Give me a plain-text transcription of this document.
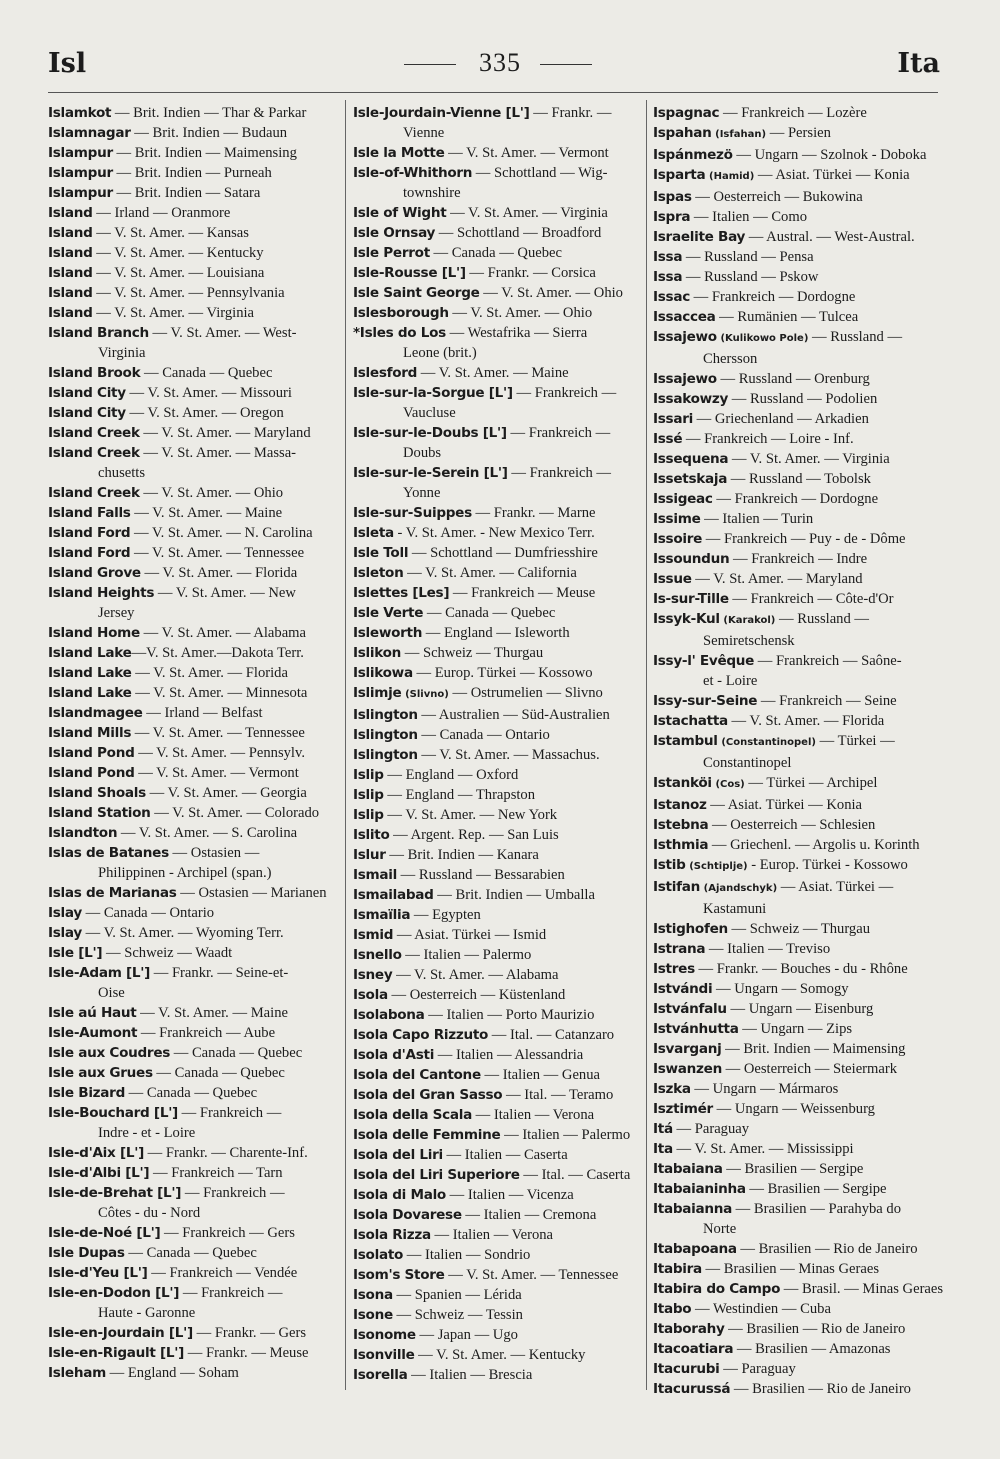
Isl	335	Ita
Islamkot — Brit. Indien — Thar & Parkar
Islamnagar — Brit. Indien — Budaun
Islampur — Brit. Indien — Maimensing
Islampur — Brit. Indien — Purneah
Islampur — Brit. Indien — Satara
Island — Irland — Oranmore
Island — V. St. Amer. — Kansas
Island — V. St. Amer. — Kentucky
Island — V. St. Amer. — Louisiana
Island — V. St. Amer. — Pennsylvania
Island — V. St. Amer. — Virginia
Island Branch — V. St. Amer. — West-
Virginia
Island Brook — Canada — Quebec
Island City — V. St. Amer. — Missouri
Island City — V. St. Amer. — Oregon
Island Creek — V. St. Amer. — Maryland
Island Creek — V. St. Amer. — Massa-
chusetts
Island Creek — V. St. Amer. — Ohio
Island Falls — V. St. Amer. — Maine
Island Ford — V. St. Amer. — N. Carolina
Island Ford — V. St. Amer. — Tennessee
Island Grove — V. St. Amer. — Florida
Island Heights — V. St. Amer. — New
Jersey
Island Home — V. St. Amer. — Alabama
Island Lake—V. St. Amer.—Dakota Terr.
Island Lake — V. St. Amer. — Florida
Island Lake — V. St. Amer. — Minnesota
Islandmagee — Irland — Belfast
Island Mills — V. St. Amer. — Tennessee
Island Pond — V. St. Amer. — Pennsylv.
Island Pond — V. St. Amer. — Vermont
Island Shoals — V. St. Amer. — Georgia
Island Station — V. St. Amer. — Colorado
Islandton — V. St. Amer. — S. Carolina
Islas de Batanes — Ostasien —
Philippinen - Archipel (span.)
Islas de Marianas — Ostasien — Marianen
Islay — Canada — Ontario
Islay — V. St. Amer. — Wyoming Terr.
Isle [L'] — Schweiz — Waadt
Isle-Adam [L'] — Frankr. — Seine-et-
Oise
Isle aú Haut — V. St. Amer. — Maine
Isle-Aumont — Frankreich — Aube
Isle aux Coudres — Canada — Quebec
Isle aux Grues — Canada — Quebec
Isle Bizard — Canada — Quebec
Isle-Bouchard [L'] — Frankreich —
Indre - et - Loire
Isle-d'Aix [L'] — Frankr. — Charente-Inf.
Isle-d'Albi [L'] — Frankreich — Tarn
Isle-de-Brehat [L'] — Frankreich —
Côtes - du - Nord
Isle-de-Noé [L'] — Frankreich — Gers
Isle Dupas — Canada — Quebec
Isle-d'Yeu [L'] — Frankreich — Vendée
Isle-en-Dodon [L'] — Frankreich —
Haute - Garonne
Isle-en-Jourdain [L'] — Frankr. — Gers
Isle-en-Rigault [L'] — Frankr. — Meuse
Isleham — England — Soham
Isle-Jourdain-Vienne [L'] — Frankr. —
Vienne
Isle la Motte — V. St. Amer. — Vermont
Isle-of-Whithorn — Schottland — Wig-
townshire
Isle of Wight — V. St. Amer. — Virginia
Isle Ornsay — Schottland — Broadford
Isle Perrot — Canada — Quebec
Isle-Rousse [L'] — Frankr. — Corsica
Isle Saint George — V. St. Amer. — Ohio
Islesborough — V. St. Amer. — Ohio
*Isles do Los — Westafrika — Sierra
Leone (brit.)
Islesford — V. St. Amer. — Maine
Isle-sur-la-Sorgue [L'] — Frankreich —
Vaucluse
Isle-sur-le-Doubs [L'] — Frankreich —
Doubs
Isle-sur-le-Serein [L'] — Frankreich —
Yonne
Isle-sur-Suippes — Frankr. — Marne
Isleta - V. St. Amer. - New Mexico Terr.
Isle Toll — Schottland — Dumfriesshire
Isleton — V. St. Amer. — California
Islettes [Les] — Frankreich — Meuse
Isle Verte — Canada — Quebec
Isleworth — England — Isleworth
Islikon — Schweiz — Thurgau
Islikowa — Europ. Türkei — Kossowo
Islimje (Slivno) — Ostrumelien — Slivno
Islington — Australien — Süd-Australien
Islington — Canada — Ontario
Islington — V. St. Amer. — Massachus.
Islip — England — Oxford
Islip — England — Thrapston
Islip — V. St. Amer. — New York
Islito — Argent. Rep. — San Luis
Islur — Brit. Indien — Kanara
Ismail — Russland — Bessarabien
Ismailabad — Brit. Indien — Umballa
Ismaïlia — Egypten
Ismid — Asiat. Türkei — Ismid
Isnello — Italien — Palermo
Isney — V. St. Amer. — Alabama
Isola — Oesterreich — Küstenland
Isolabona — Italien — Porto Maurizio
Isola Capo Rizzuto — Ital. — Catanzaro
Isola d'Asti — Italien — Alessandria
Isola del Cantone — Italien — Genua
Isola del Gran Sasso — Ital. — Teramo
Isola della Scala — Italien — Verona
Isola delle Femmine — Italien — Palermo
Isola del Liri — Italien — Caserta
Isola del Liri Superiore — Ital. — Caserta
Isola di Malo — Italien — Vicenza
Isola Dovarese — Italien — Cremona
Isola Rizza — Italien — Verona
Isolato — Italien — Sondrio
Isom's Store — V. St. Amer. — Tennessee
Isona — Spanien — Lérida
Isone — Schweiz — Tessin
Isonome — Japan — Ugo
Isonville — V. St. Amer. — Kentucky
Isorella — Italien — Brescia
Ispagnac — Frankreich — Lozère
Ispahan (Isfahan) — Persien
Ispánmezö — Ungarn — Szolnok - Doboka
Isparta (Hamid) — Asiat. Türkei — Konia
Ispas — Oesterreich — Bukowina
Ispra — Italien — Como
Israelite Bay — Austral. — West-Austral.
Issa — Russland — Pensa
Issa — Russland — Pskow
Issac — Frankreich — Dordogne
Issaccea — Rumänien — Tulcea
Issajewo (Kulikowo Pole) — Russland —
Chersson
Issajewo — Russland — Orenburg
Issakowzy — Russland — Podolien
Issari — Griechenland — Arkadien
Issé — Frankreich — Loire - Inf.
Issequena — V. St. Amer. — Virginia
Issetskaja — Russland — Tobolsk
Issigeac — Frankreich — Dordogne
Issime — Italien — Turin
Issoire — Frankreich — Puy - de - Dôme
Issoundun — Frankreich — Indre
Issue — V. St. Amer. — Maryland
Is-sur-Tille — Frankreich — Côte-d'Or
Issyk-Kul (Karakol) — Russland —
Semiretschensk
Issy-l' Evêque — Frankreich — Saône-
et - Loire
Issy-sur-Seine — Frankreich — Seine
Istachatta — V. St. Amer. — Florida
Istambul (Constantinopel) — Türkei —
Constantinopel
Istanköi (Cos) — Türkei — Archipel
Istanoz — Asiat. Türkei — Konia
Istebna — Oesterreich — Schlesien
Isthmia — Griechenl. — Argolis u. Korinth
Istib (Schtiplje) - Europ. Türkei - Kossowo
Istifan (Ajandschyk) — Asiat. Türkei —
Kastamuni
Istighofen — Schweiz — Thurgau
Istrana — Italien — Treviso
Istres — Frankr. — Bouches - du - Rhône
Istvándi — Ungarn — Somogy
Istvánfalu — Ungarn — Eisenburg
Istvánhutta — Ungarn — Zips
Isvarganj — Brit. Indien — Maimensing
Iswanzen — Oesterreich — Steiermark
Iszka — Ungarn — Mármaros
Isztimér — Ungarn — Weissenburg
Itá — Paraguay
Ita — V. St. Amer. — Mississippi
Itabaiana — Brasilien — Sergipe
Itabaianinha — Brasilien — Sergipe
Itabaianna — Brasilien — Parahyba do
Norte
Itabapoana — Brasilien — Rio de Janeiro
Itabira — Brasilien — Minas Geraes
Itabira do Campo — Brasil. — Minas Geraes
Itabo — Westindien — Cuba
Itaborahy — Brasilien — Rio de Janeiro
Itacoatiara — Brasilien — Amazonas
Itacurubi — Paraguay
Itacurussá — Brasilien — Rio de Janeiro
